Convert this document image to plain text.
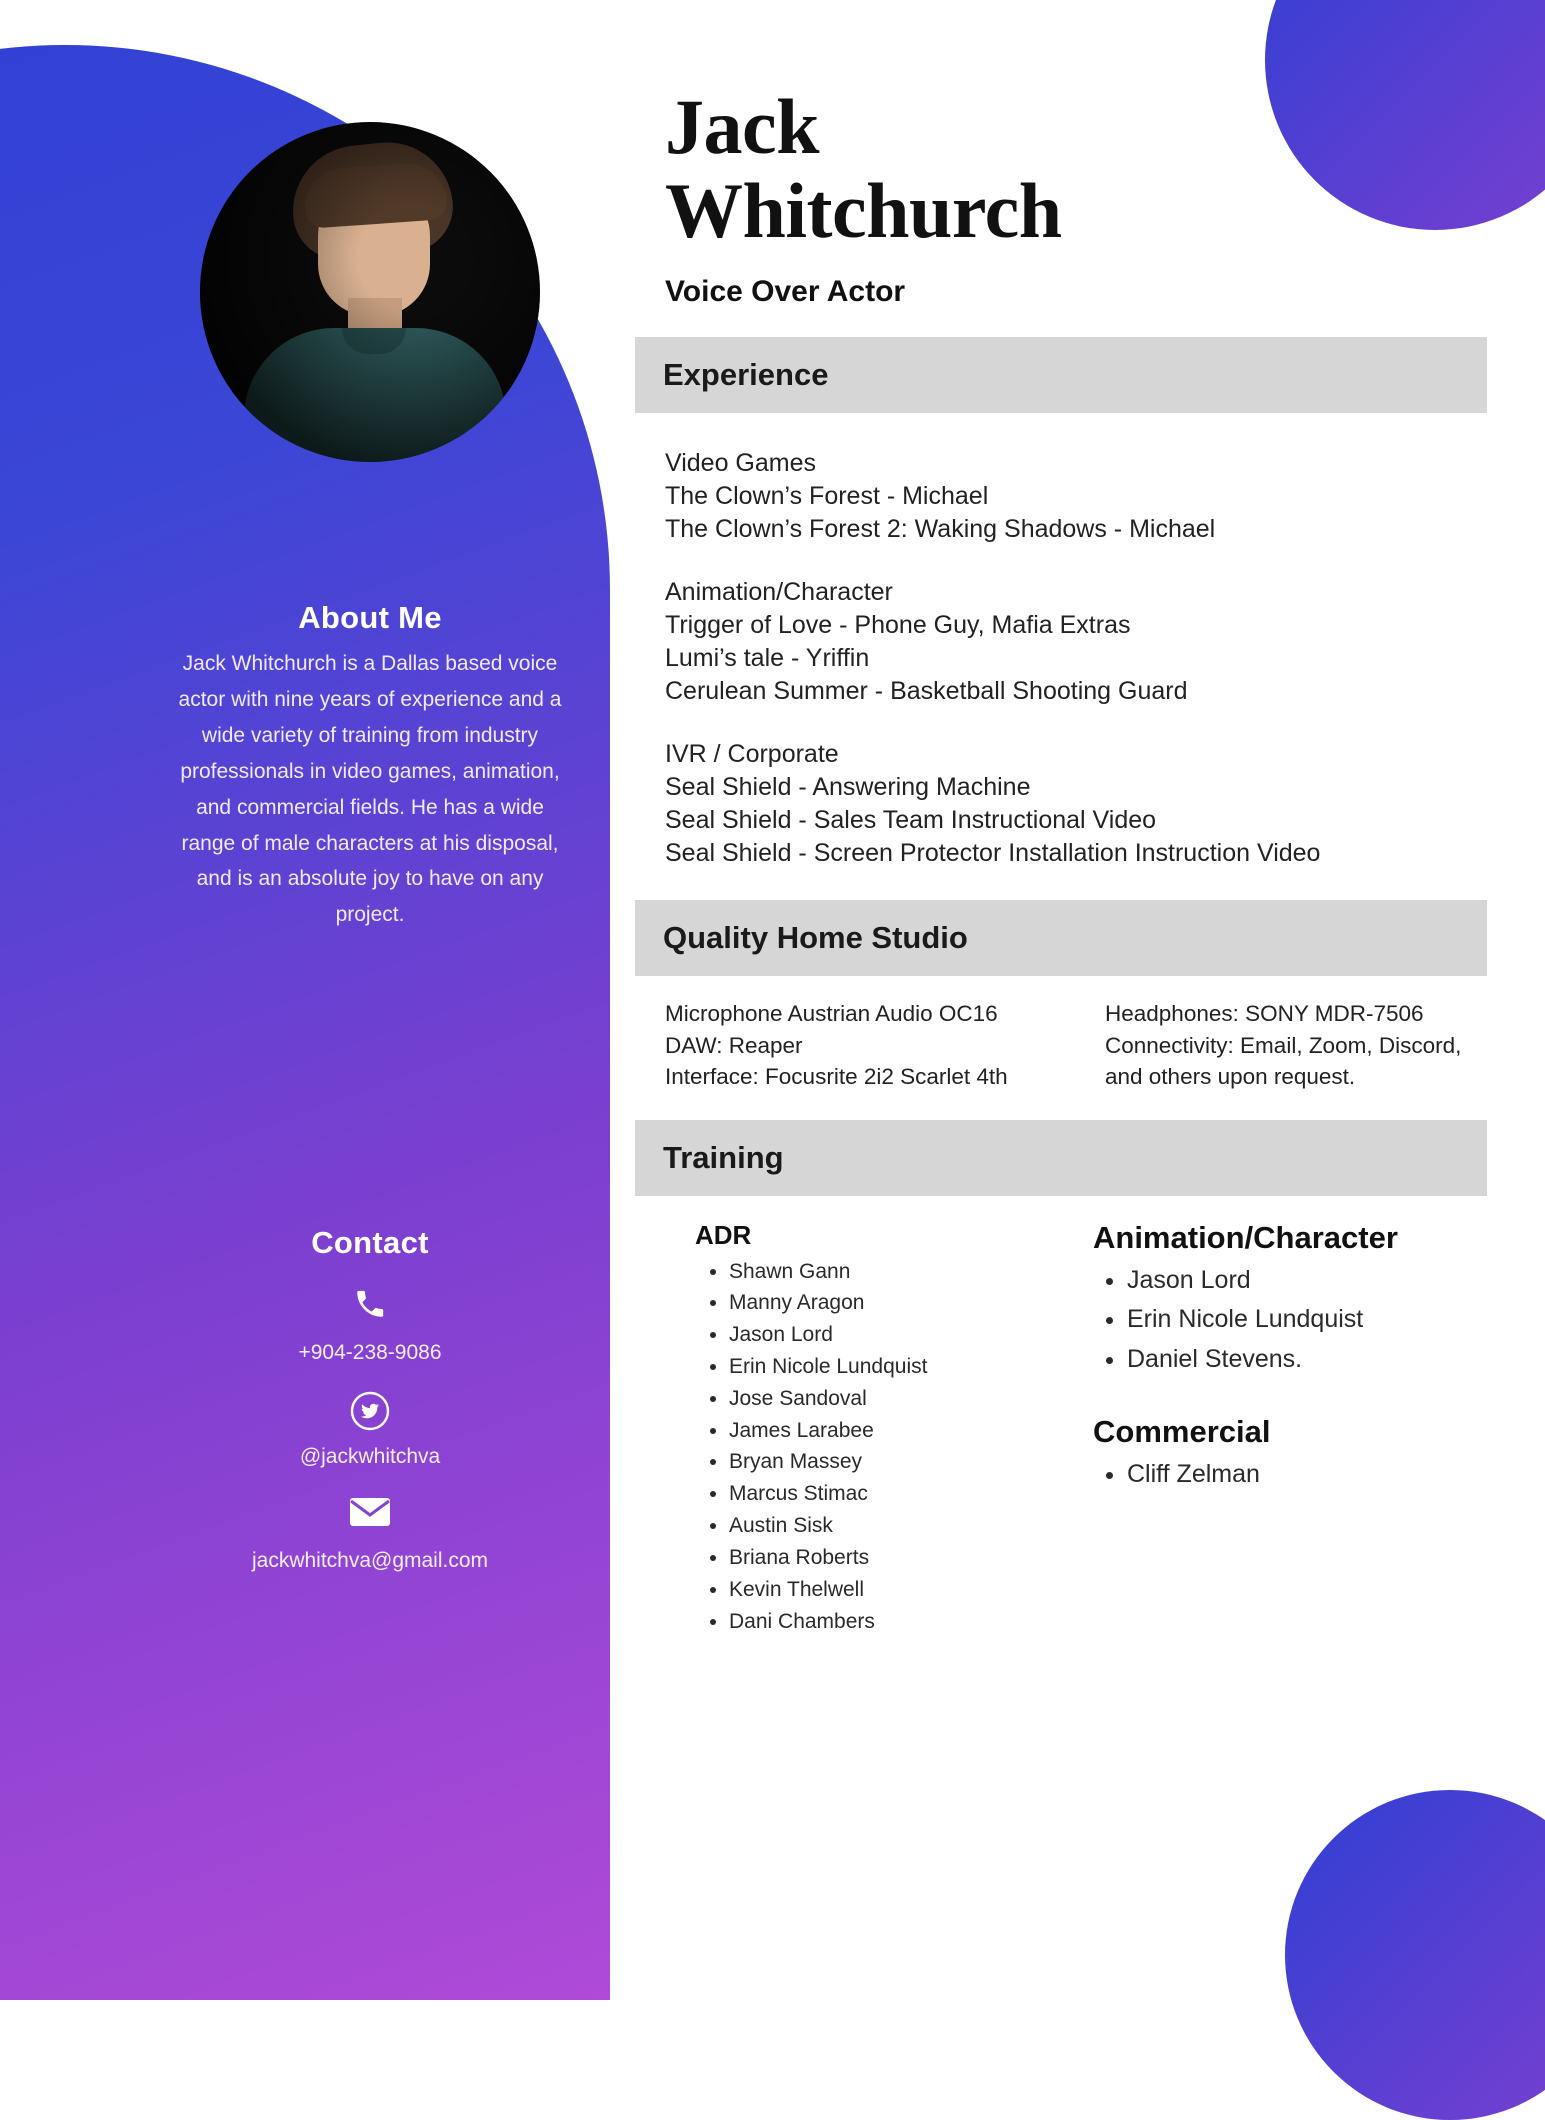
About Me

Jack Whitchurch is a Dallas based voice actor with nine years of experience and a wide variety of training from industry professionals in video games, animation, and commercial fields. He has a wide range of male characters at his disposal, and is an absolute joy to have on any project.

Contact
+904-238-9086
@jackwhitchva
jackwhitchva@gmail.com
Jack
Whitchurch
Voice Over Actor
Experience
Video Games
The Clown’s Forest - Michael
The Clown’s Forest 2: Waking Shadows - Michael
Animation/Character
Trigger of Love - Phone Guy, Mafia Extras
Lumi’s tale - Yriffin
Cerulean Summer - Basketball Shooting Guard
IVR / Corporate
Seal Shield - Answering Machine
Seal Shield - Sales Team Instructional Video
Seal Shield - Screen Protector Installation Instruction Video
Quality Home Studio
Microphone Austrian Audio OC16
DAW: Reaper
Interface: Focusrite 2i2 Scarlet 4th
Headphones: SONY MDR-7506
Connectivity: Email, Zoom, Discord,
and others upon request.
Training
ADR
• Shawn Gann
• Manny Aragon
• Jason Lord
• Erin Nicole Lundquist
• Jose Sandoval
• James Larabee
• Bryan Massey
• Marcus Stimac
• Austin Sisk
• Briana Roberts
• Kevin Thelwell
• Dani Chambers
Animation/Character
• Jason Lord
• Erin Nicole Lundquist
• Daniel Stevens.
Commercial
• Cliff Zelman
